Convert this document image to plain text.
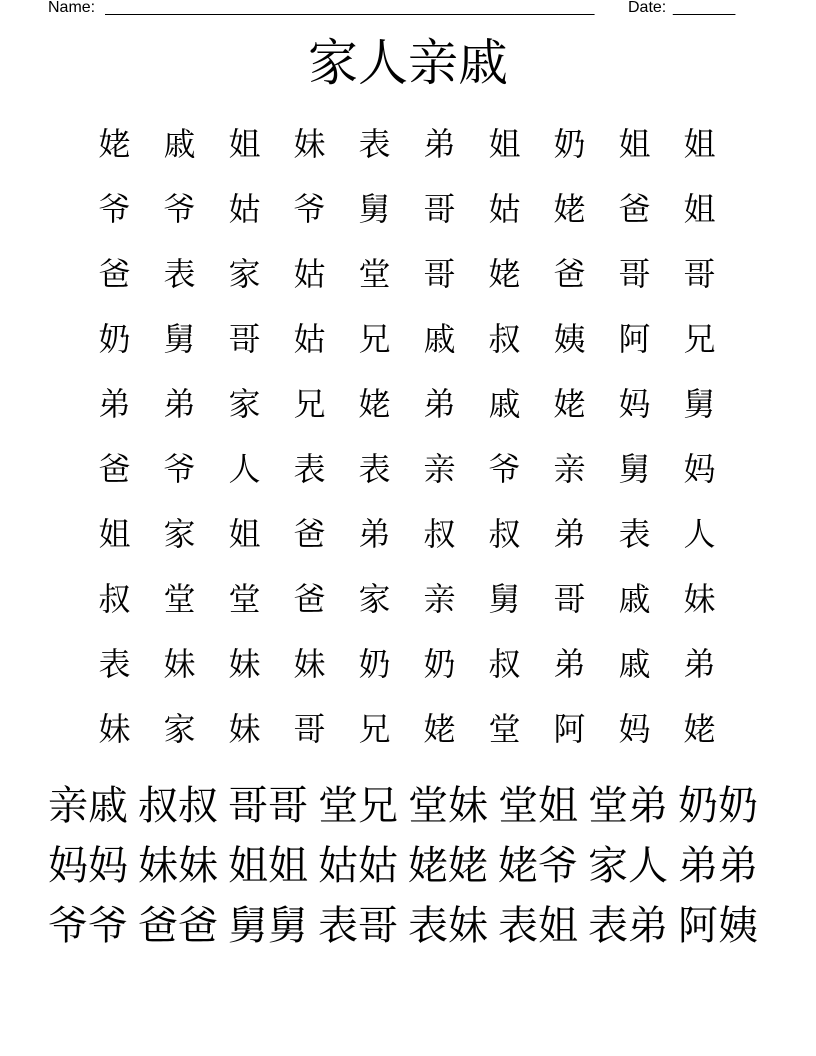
Name: _______________________________________________________	Date: _______
家人亲戚
姥	戚	姐	妹	表	弟	姐	奶	姐	姐
爷	爷	姑	爷	舅	哥	姑	姥	爸	姐
爸	表	家	姑	堂	哥	姥	爸	哥	哥
奶	舅	哥	姑	兄	戚	叔	姨	阿	兄
弟	弟	家	兄	姥	弟	戚	姥	妈	舅
爸	爷	人	表	表	亲	爷	亲	舅	妈
姐	家	姐	爸	弟	叔	叔	弟	表	人
叔	堂	堂	爸	家	亲	舅	哥	戚	妹
表	妹	妹	妹	奶	奶	叔	弟	戚	弟
妹	家	妹	哥	兄	姥	堂	阿	妈	姥
亲戚 叔叔 哥哥 堂兄 堂妹 堂姐 堂弟 奶奶
妈妈 妹妹 姐姐 姑姑 姥姥 姥爷 家人 弟弟
爷爷 爸爸 舅舅 表哥 表妹 表姐 表弟 阿姨
